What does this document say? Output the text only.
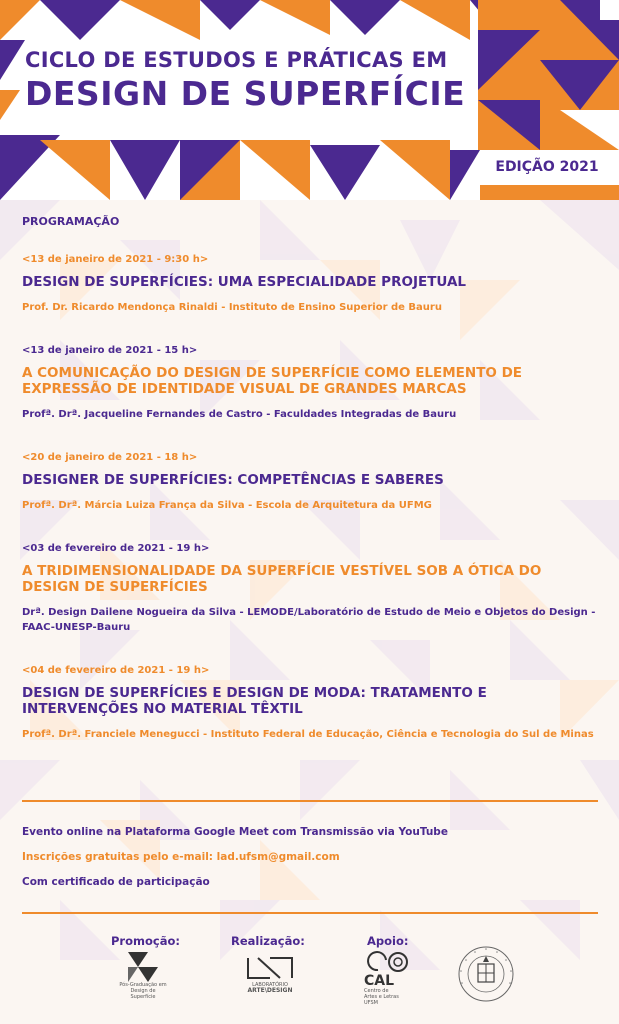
CICLO DE ESTUDOS E PRÁTICAS EM
DESIGN DE SUPERFÍCIE
EDIÇÃO 2021
PROGRAMAÇÃO
<13 de janeiro de 2021 - 9:30 h>
DESIGN DE SUPERFÍCIES: UMA ESPECIALIDADE PROJETUAL
Prof. Dr. Ricardo Mendonça Rinaldi - Instituto de Ensino Superior de Bauru
<13 de janeiro de 2021 - 15 h>
A COMUNICAÇÃO DO DESIGN DE SUPERFÍCIE COMO ELEMENTO DE EXPRESSÃO DE IDENTIDADE VISUAL DE GRANDES MARCAS
Profª. Drª. Jacqueline Fernandes de Castro - Faculdades Integradas de Bauru
<20 de janeiro de 2021 - 18 h>
DESIGNER DE SUPERFÍCIES: COMPETÊNCIAS E SABERES
Profª. Drª. Márcia Luiza França da Silva - Escola de Arquitetura da UFMG
<03 de fevereiro de 2021 - 19 h>
A TRIDIMENSIONALIDADE DA SUPERFÍCIE VESTÍVEL SOB A ÓTICA DO DESIGN DE SUPERFÍCIES
Drª. Design Dailene Nogueira da Silva - LEMODE/Laboratório de Estudo de Meio e Objetos do Design - FAAC-UNESP-Bauru
<04 de fevereiro de 2021 - 19 h>
DESIGN DE SUPERFÍCIES E DESIGN DE MODA: TRATAMENTO E INTERVENÇÕES NO MATERIAL TÊXTIL
Profª. Drª. Franciele Menegucci - Instituto Federal de Educação, Ciência e Tecnologia do Sul de Minas
Evento online na Plataforma Google Meet com Transmissão via YouTube
Inscrições gratuitas pelo e-mail: lad.ufsm@gmail.com
Com certificado de participação
Promoção:	Realização:	Apoio:
Pós-Graduação em
Design de Superfície
LABORATÓRIO
ARTE\DESIGN
CAL
Centro de
Artes e Letras
UFSM
